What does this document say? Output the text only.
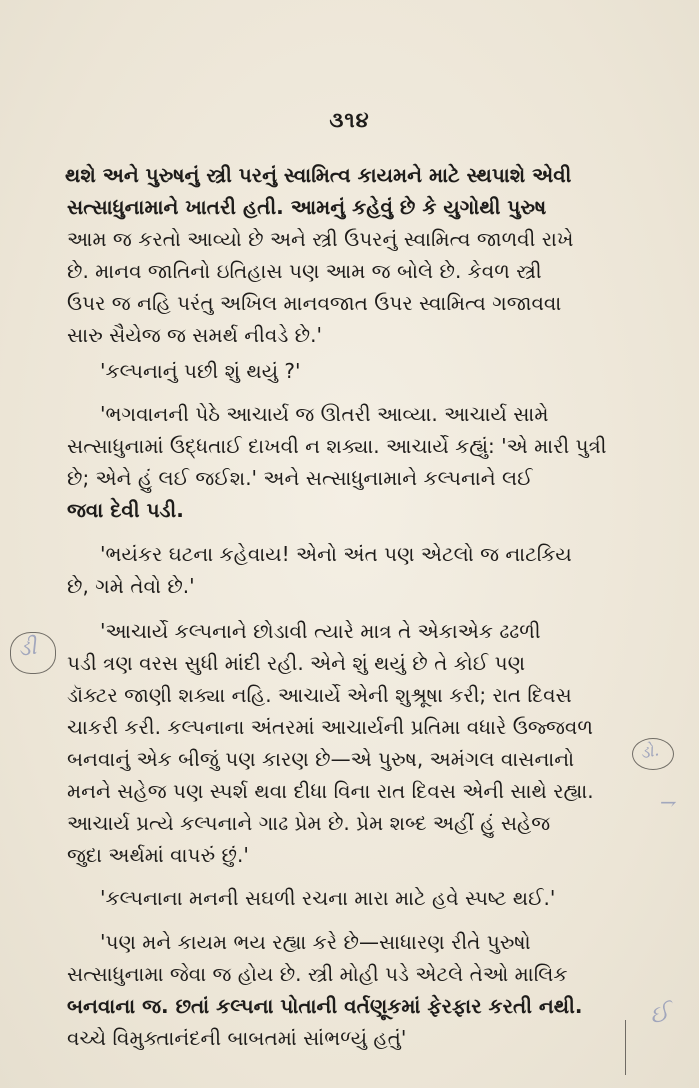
૩૧૪
થશે અને પુરુષનું સ્ત્રી પરનું સ્વામિત્વ કાયમને માટે સ્થપાશે એવી
સત્સાધુનામાને ખાતરી હતી. આમનું કહેવું છે કે યુગોથી પુરુષ
આમ જ કરતો આવ્યો છે અને સ્ત્રી ઉપરનું સ્વામિત્વ જાળવી રાખે
છે. માનવ જાતિનો ઇતિહાસ પણ આમ જ બોલે છે. કેવળ સ્ત્રી
ઉપર જ નહિ પરંતુ અખિલ માનવજાત ઉપર સ્વામિત્વ ગજાવવા
સારુ સૈયેજ જ સમર્થ નીવડે છે.'
'કલ્પનાનું પછી શું થયું ?'
'ભગવાનની પેઠે આચાર્ય જ ઊતરી આવ્યા. આચાર્ય સામે
સત્સાધુનામાં ઉદ્ધતાઈ દાખવી ન શક્યા. આચાર્યે કહ્યું: 'એ મારી પુત્રી
છે; એને હું લઈ જઈશ.' અને સત્સાધુનામાને કલ્પનાને લઈ
જવા દેવી પડી.
'ભયંકર ઘટના કહેવાય! એનો અંત પણ એટલો જ નાટકિય
છે, ગમે તેવો છે.'
'આચાર્યે કલ્પનાને છોડાવી ત્યારે માત્ર તે એકાએક ઢઢળી
પડી ત્રણ વરસ સુધી માંદી રહી. એને શું થયું છે તે કોઈ પણ
ડૉક્ટર જાણી શક્યા નહિ. આચાર્યે એની શુશ્રૂષા કરી; રાત દિવસ
ચાકરી કરી. કલ્પનાના અંતરમાં આચાર્યની પ્રતિમા વધારે ઉજ્જવળ
બનવાનું એક બીજું પણ કારણ છે—એ પુરુષ, અમંગલ વાસનાનો
મનને સહેજ પણ સ્પર્શ થવા દીધા વિના રાત દિવસ એની સાથે રહ્યા.
આચાર્ય પ્રત્યે કલ્પનાને ગાઢ પ્રેમ છે. પ્રેમ શબ્દ અહીં હું સહેજ
જુદા અર્થમાં વાપરું છું.'
'કલ્પનાના મનની સઘળી રચના મારા માટે હવે સ્પષ્ટ થઈ.'
'પણ મને કાયમ ભય રહ્યા કરે છે—સાધારણ રીતે પુરુષો
સત્સાધુનામા જેવા જ હોય છે. સ્ત્રી મોહી પડે એટલે તેઓ માલિક
બનવાના જ. છતાં કલ્પના પોતાની વર્તણૂકમાં ફેરફાર કરતી નથી.
વચ્ચે વિમુક્તાનંદની બાબતમાં સાંભળ્યું હતું'
ડી
ડો.
⇁
ઈ
